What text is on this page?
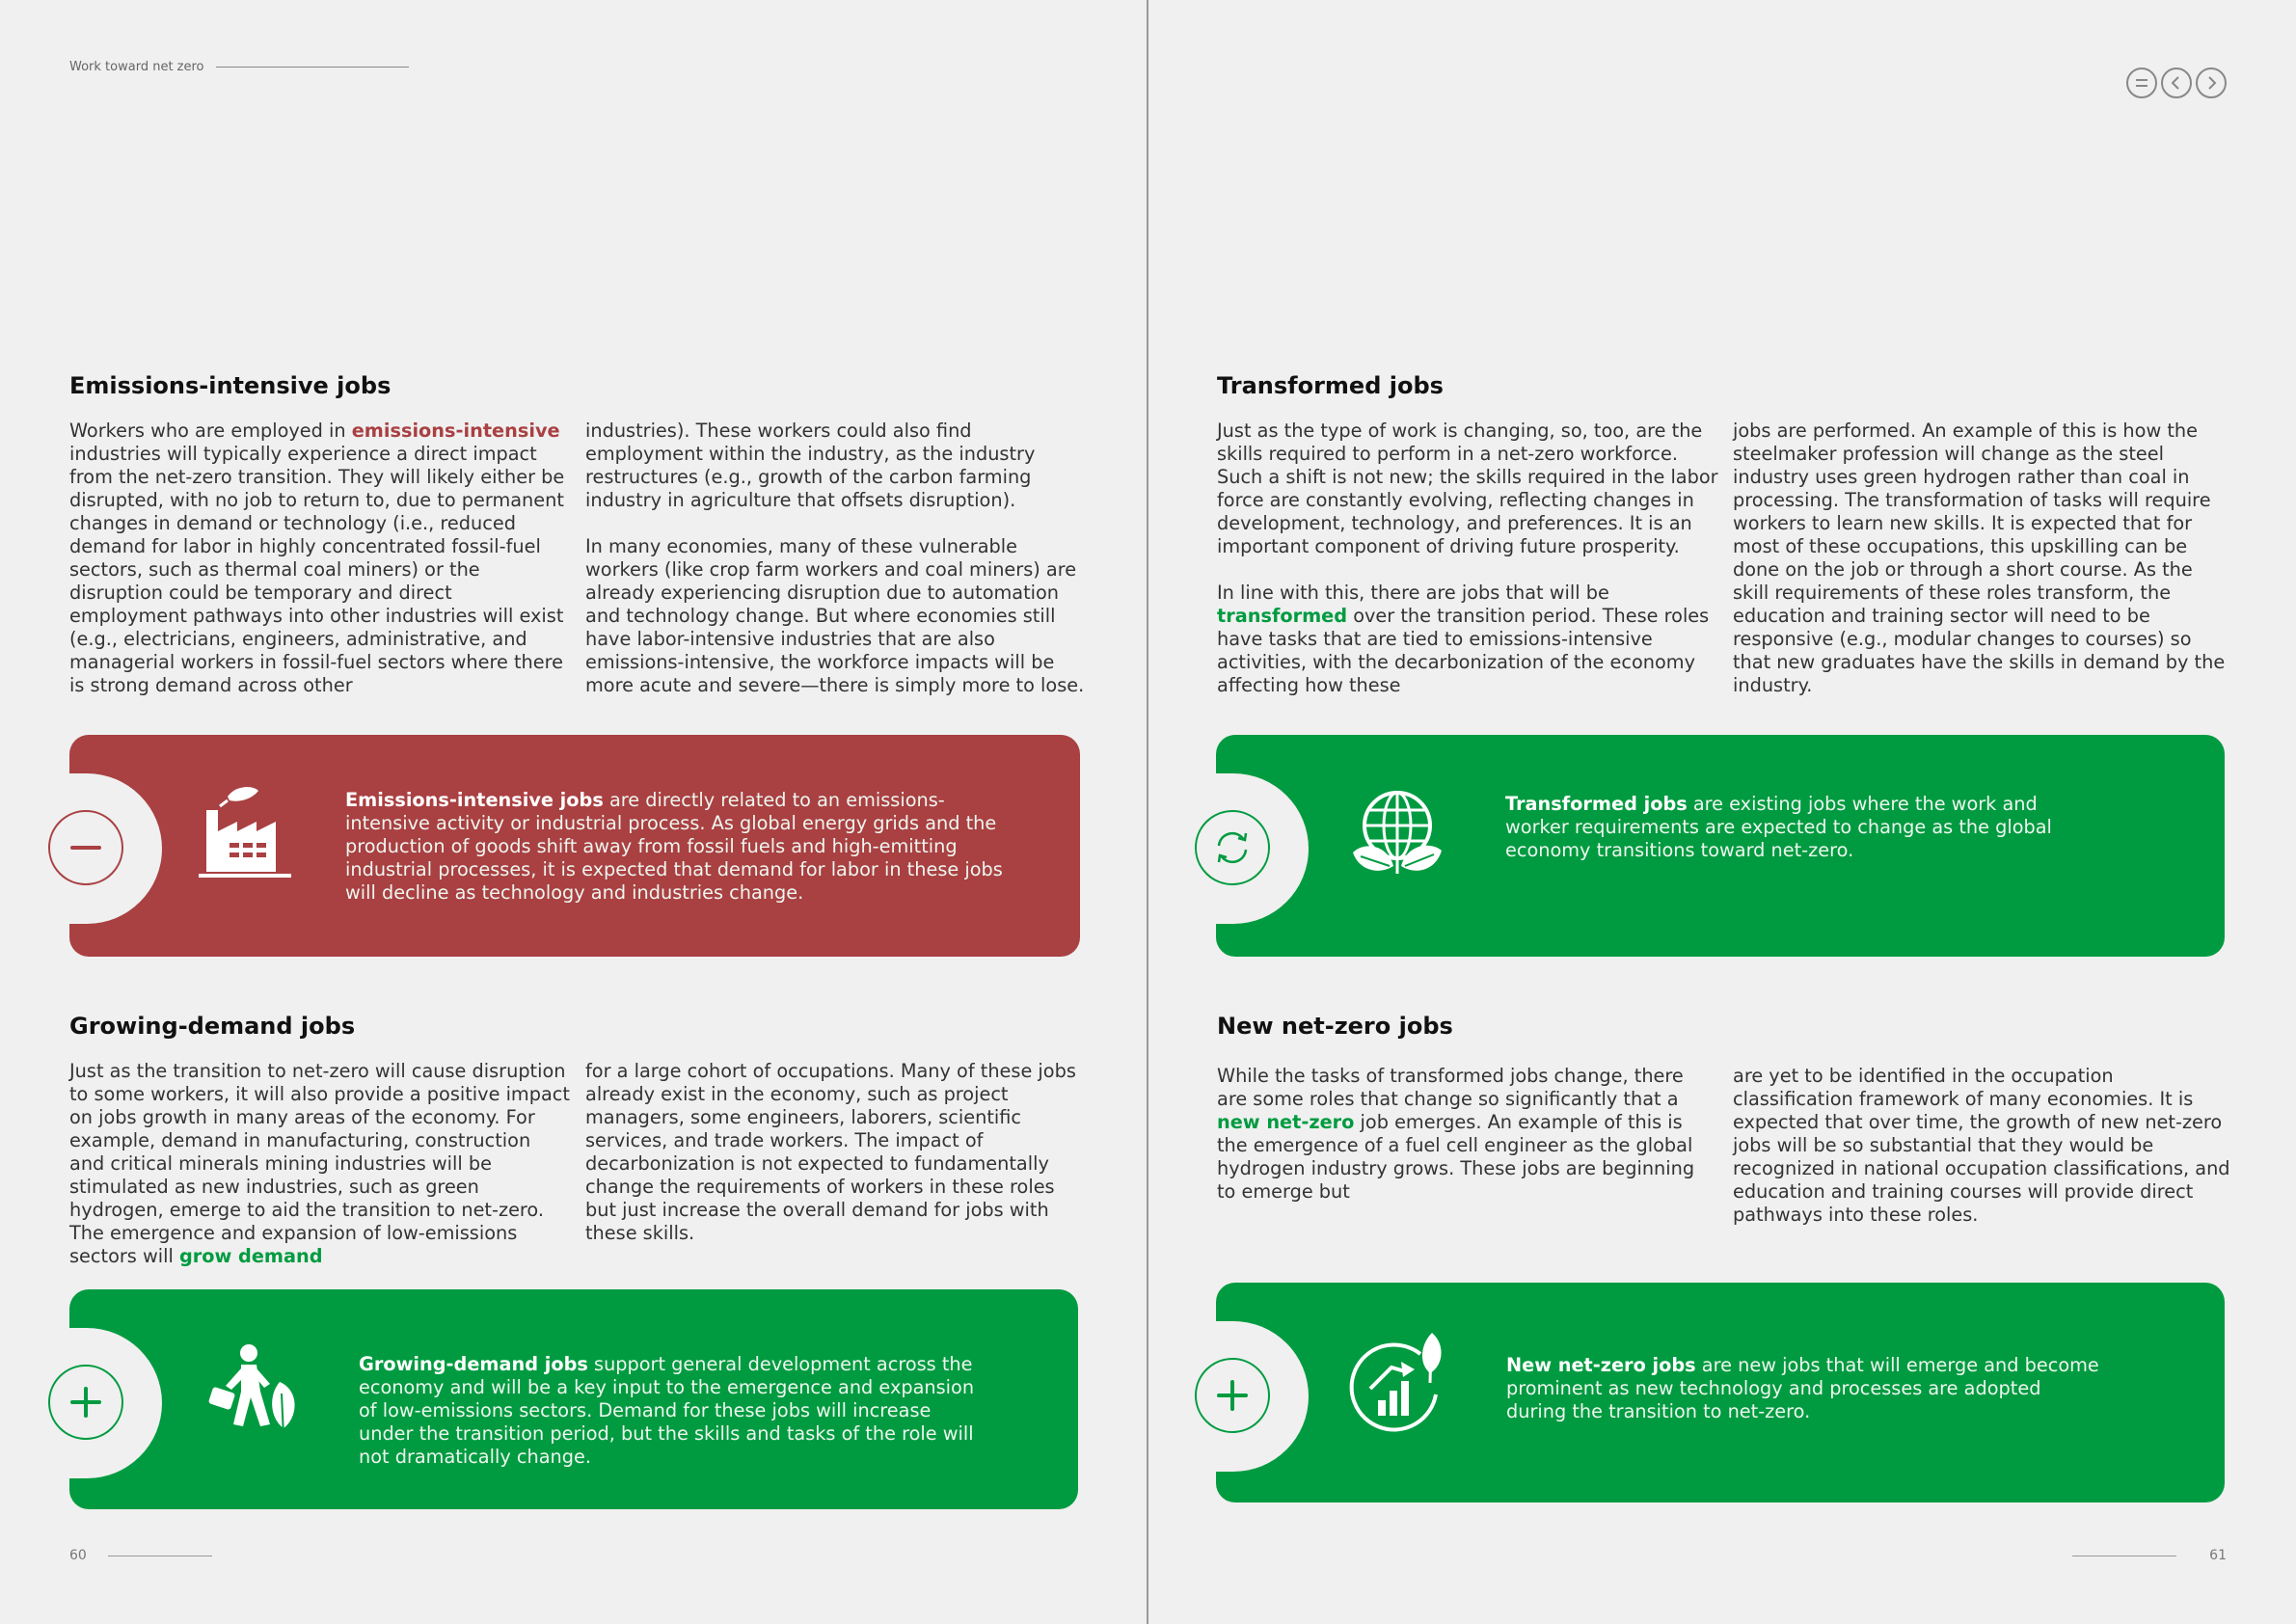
Work toward net zero
Emissions-intensive jobs

Workers who are employed in emissions-intensive industries will typically experience a direct impact from the net-zero transition. They will likely either be disrupted, with no job to return to, due to permanent changes in demand or technology (i.e., reduced demand for labor in highly concentrated fossil-fuel sectors, such as thermal coal miners) or the disruption could be temporary and direct employment pathways into other industries will exist (e.g., electricians, engineers, administrative, and managerial workers in fossil-fuel sectors where there is strong demand across other

industries). These workers could also find employment within the industry, as the industry restructures (e.g., growth of the carbon farming industry in agriculture that offsets disruption).

In many economies, many of these vulnerable workers (like crop farm workers and coal miners) are already experiencing disruption due to automation and technology change. But where economies still have labor-intensive industries that are also emissions-intensive, the workforce impacts will be more acute and severe—there is simply more to lose.

Emissions-intensive jobs are directly related to an emissions-intensive activity or industrial process. As global energy grids and the production of goods shift away from fossil fuels and high-emitting industrial processes, it is expected that demand for labor in these jobs will decline as technology and industries change.
Growing-demand jobs

Just as the transition to net-zero will cause disruption to some workers, it will also provide a positive impact on jobs growth in many areas of the economy. For example, demand in manufacturing, construction and critical minerals mining industries will be stimulated as new industries, such as green hydrogen, emerge to aid the transition to net-zero. The emergence and expansion of low-emissions sectors will grow demand

for a large cohort of occupations. Many of these jobs already exist in the economy, such as project managers, some engineers, laborers, scientific services, and trade workers. The impact of decarbonization is not expected to fundamentally change the requirements of workers in these roles but just increase the overall demand for jobs with these skills.

Growing-demand jobs support general development across the economy and will be a key input to the emergence and expansion of low-emissions sectors. Demand for these jobs will increase under the transition period, but the skills and tasks of the role will not dramatically change.
60
Transformed jobs

Just as the type of work is changing, so, too, are the skills required to perform in a net-zero workforce. Such a shift is not new; the skills required in the labor force are constantly evolving, reflecting changes in development, technology, and preferences. It is an important component of driving future prosperity.

In line with this, there are jobs that will be transformed over the transition period. These roles have tasks that are tied to emissions-intensive activities, with the decarbonization of the economy affecting how these

jobs are performed. An example of this is how the steelmaker profession will change as the steel industry uses green hydrogen rather than coal in processing. The transformation of tasks will require workers to learn new skills. It is expected that for most of these occupations, this upskilling can be done on the job or through a short course. As the skill requirements of these roles transform, the education and training sector will need to be responsive (e.g., modular changes to courses) so that new graduates have the skills in demand by the industry.

Transformed jobs are existing jobs where the work and worker requirements are expected to change as the global economy transitions toward net-zero.
New net-zero jobs

While the tasks of transformed jobs change, there are some roles that change so significantly that a new net-zero job emerges. An example of this is the emergence of a fuel cell engineer as the global hydrogen industry grows. These jobs are beginning to emerge but

are yet to be identified in the occupation classification framework of many economies. It is expected that over time, the growth of new net-zero jobs will be so substantial that they would be recognized in national occupation classifications, and education and training courses will provide direct pathways into these roles.

New net-zero jobs are new jobs that will emerge and become prominent as new technology and processes are adopted during the transition to net-zero.
61
